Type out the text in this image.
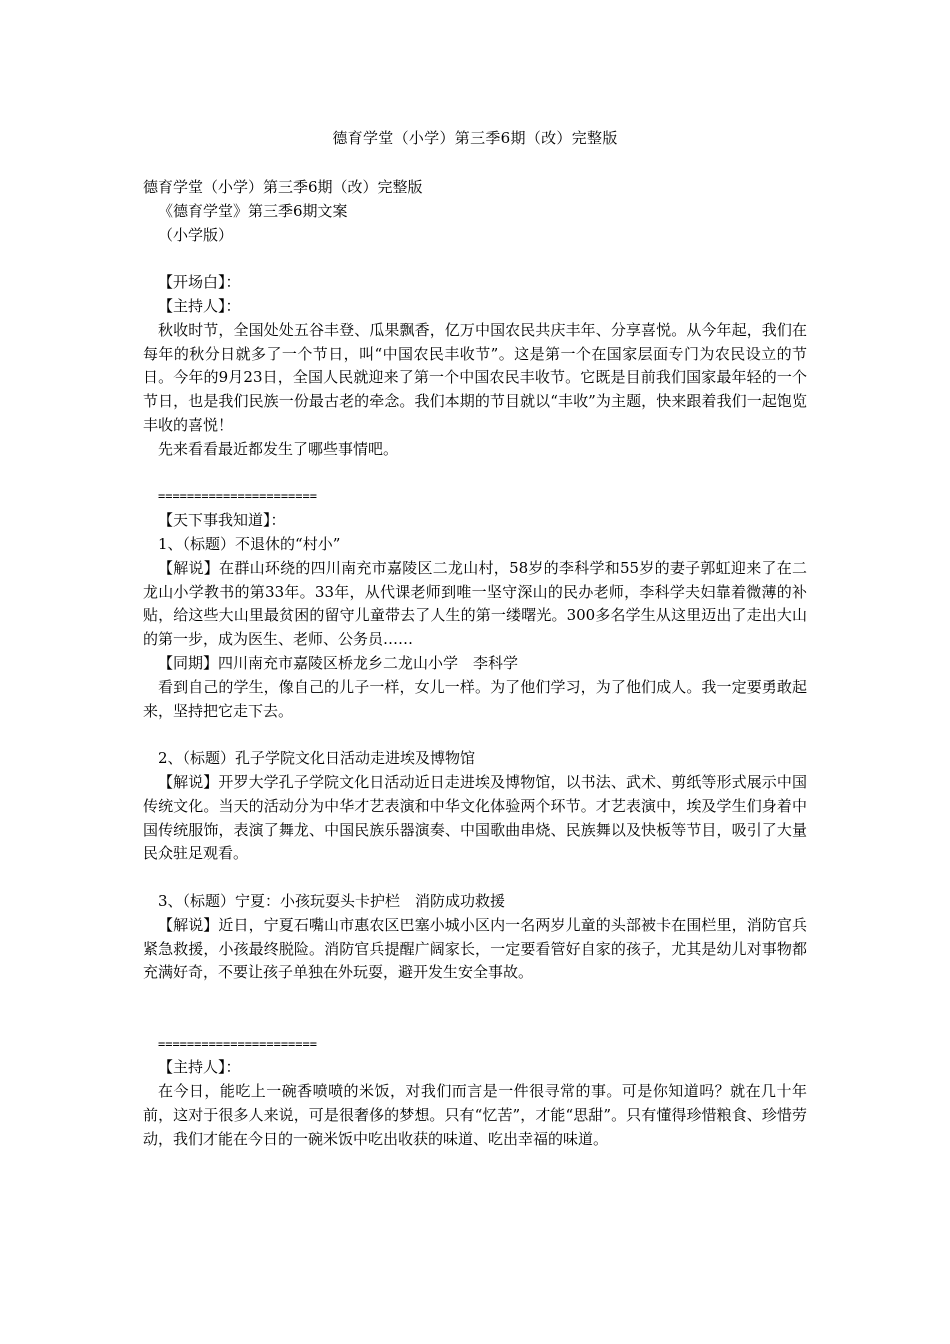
德育学堂（小学）第三季6期（改）完整版

德育学堂（小学）第三季6期（改）完整版

《德育学堂》第三季6期文案

（小学版）

【开场白】：

【主持人】：

秋收时节，全国处处五谷丰登、瓜果飘香，亿万中国农民共庆丰年、分享喜悦。从今年起，我们在每年的秋分日就多了一个节日，叫“中国农民丰收节”。这是第一个在国家层面专门为农民设立的节日。今年的9月23日，全国人民就迎来了第一个中国农民丰收节。它既是目前我们国家最年轻的一个节日，也是我们民族一份最古老的牵念。我们本期的节目就以“丰收”为主题，快来跟着我们一起饱览丰收的喜悦！

先来看看最近都发生了哪些事情吧。

======================

【天下事我知道】：

1、（标题）不退休的“村小”

【解说】在群山环绕的四川南充市嘉陵区二龙山村，58岁的李科学和55岁的妻子郭虹迎来了在二龙山小学教书的第33年。33年，从代课老师到唯一坚守深山的民办老师，李科学夫妇靠着微薄的补贴，给这些大山里最贫困的留守儿童带去了人生的第一缕曙光。300多名学生从这里迈出了走出大山的第一步，成为医生、老师、公务员……

【同期】四川南充市嘉陵区桥龙乡二龙山小学　李科学

看到自己的学生，像自己的儿子一样，女儿一样。为了他们学习，为了他们成人。我一定要勇敢起来，坚持把它走下去。

2、（标题）孔子学院文化日活动走进埃及博物馆

【解说】开罗大学孔子学院文化日活动近日走进埃及博物馆，以书法、武术、剪纸等形式展示中国传统文化。当天的活动分为中华才艺表演和中华文化体验两个环节。才艺表演中，埃及学生们身着中国传统服饰，表演了舞龙、中国民族乐器演奏、中国歌曲串烧、民族舞以及快板等节目，吸引了大量民众驻足观看。

3、（标题）宁夏：小孩玩耍头卡护栏　消防成功救援

【解说】近日，宁夏石嘴山市惠农区巴塞小城小区内一名两岁儿童的头部被卡在围栏里，消防官兵紧急救援，小孩最终脱险。消防官兵提醒广阔家长，一定要看管好自家的孩子，尤其是幼儿对事物都充满好奇，不要让孩子单独在外玩耍，避开发生安全事故。

======================

【主持人】：

在今日，能吃上一碗香喷喷的米饭，对我们而言是一件很寻常的事。可是你知道吗？就在几十年前，这对于很多人来说，可是很奢侈的梦想。只有“忆苦”，才能“思甜”。只有懂得珍惜粮食、珍惜劳动，我们才能在今日的一碗米饭中吃出收获的味道、吃出幸福的味道。
